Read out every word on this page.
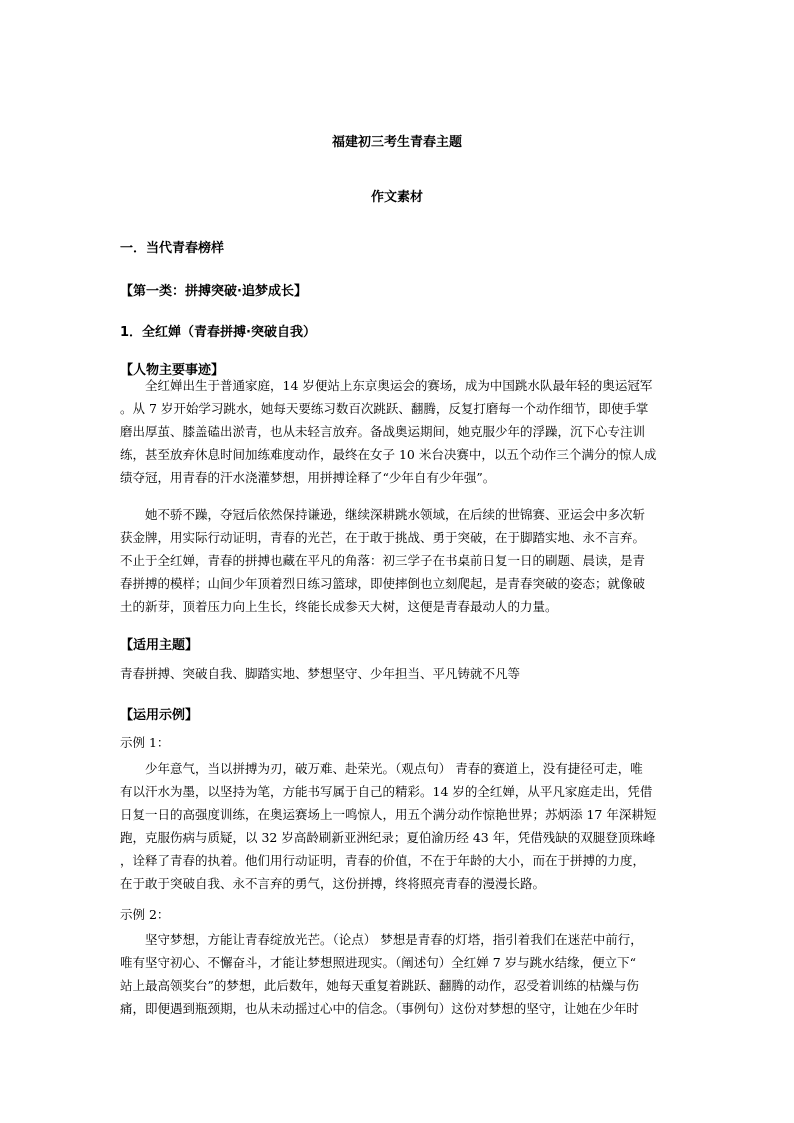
福建初三考生青春主题
作文素材
一．当代青春榜样
【第一类：拼搏突破·追梦成长】
1．全红婵（青春拼搏·突破自我）
【人物主要事迹】
全红婵出生于普通家庭，14 岁便站上东京奥运会的赛场，成为中国跳水队最年轻的奥运冠军
。从 7 岁开始学习跳水，她每天要练习数百次跳跃、翻腾，反复打磨每一个动作细节，即使手掌
磨出厚茧、膝盖磕出淤青，也从未轻言放弃。备战奥运期间，她克服少年的浮躁，沉下心专注训
练，甚至放弃休息时间加练难度动作，最终在女子 10 米台决赛中，以五个动作三个满分的惊人成
绩夺冠，用青春的汗水浇灌梦想，用拼搏诠释了“少年自有少年强”。
她不骄不躁，夺冠后依然保持谦逊，继续深耕跳水领域，在后续的世锦赛、亚运会中多次斩
获金牌，用实际行动证明，青春的光芒，在于敢于挑战、勇于突破，在于脚踏实地、永不言弃。
不止于全红婵，青春的拼搏也藏在平凡的角落：初三学子在书桌前日复一日的刷题、晨读，是青
春拼搏的模样；山间少年顶着烈日练习篮球，即使摔倒也立刻爬起，是青春突破的姿态；就像破
土的新芽，顶着压力向上生长，终能长成参天大树，这便是青春最动人的力量。
【适用主题】
青春拼搏、突破自我、脚踏实地、梦想坚守、少年担当、平凡铸就不凡等
【运用示例】
示例 1：
少年意气，当以拼搏为刃，破万难、赴荣光。（观点句） 青春的赛道上，没有捷径可走，唯
有以汗水为墨，以坚持为笔，方能书写属于自己的精彩。14 岁的全红婵，从平凡家庭走出，凭借
日复一日的高强度训练，在奥运赛场上一鸣惊人，用五个满分动作惊艳世界；苏炳添 17 年深耕短
跑，克服伤病与质疑，以 32 岁高龄刷新亚洲纪录；夏伯渝历经 43 年，凭借残缺的双腿登顶珠峰
，诠释了青春的执着。他们用行动证明，青春的价值，不在于年龄的大小，而在于拼搏的力度，
在于敢于突破自我、永不言弃的勇气，这份拼搏，终将照亮青春的漫漫长路。
示例 2：
坚守梦想，方能让青春绽放光芒。（论点） 梦想是青春的灯塔，指引着我们在迷茫中前行，
唯有坚守初心、不懈奋斗，才能让梦想照进现实。（阐述句）全红婵 7 岁与跳水结缘，便立下“
站上最高领奖台”的梦想，此后数年，她每天重复着跳跃、翻腾的动作，忍受着训练的枯燥与伤
痛，即便遇到瓶颈期，也从未动摇过心中的信念。（事例句）这份对梦想的坚守，让她在少年时
